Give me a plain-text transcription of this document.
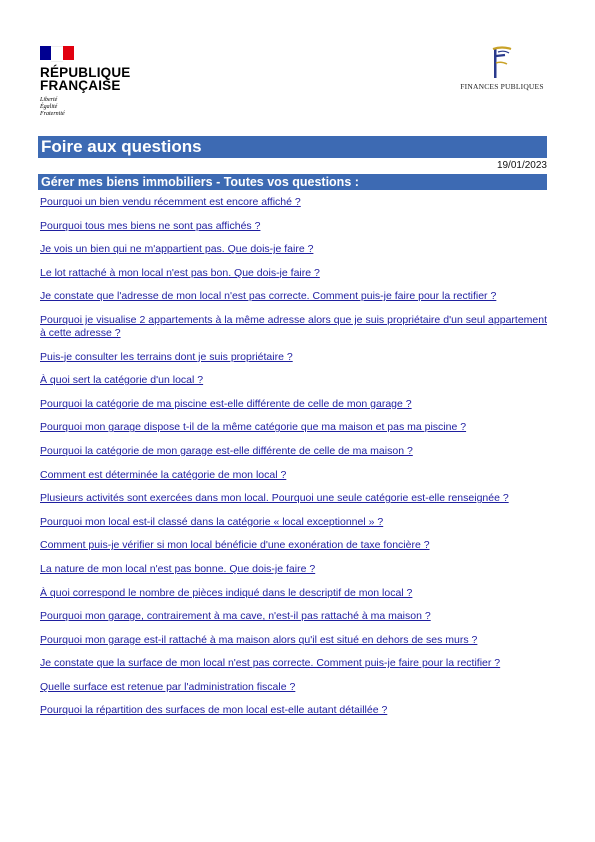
RÉPUBLIQUE
FRANÇAISE
Liberté
Égalité
Fraternité
FINANCES PUBLIQUES
Foire aux questions
19/01/2023
Gérer mes biens immobiliers - Toutes vos questions :
Pourquoi un bien vendu récemment est encore affiché ?
Pourquoi tous mes biens ne sont pas affichés ?
Je vois un bien qui ne m'appartient pas. Que dois-je faire ?
Le lot rattaché à mon local n'est pas bon. Que dois-je faire ?
Je constate que l'adresse de mon local n'est pas correcte. Comment puis-je faire pour la rectifier ?
Pourquoi je visualise 2 appartements à la même adresse alors que je suis propriétaire d'un seul appartement à cette adresse ?
Puis-je consulter les terrains dont je suis propriétaire ?
À quoi sert la catégorie d'un local ?
Pourquoi la catégorie de ma piscine est-elle différente de celle de mon garage ?
Pourquoi mon garage dispose t-il de la même catégorie que ma maison et pas ma piscine ?
Pourquoi la catégorie de mon garage est-elle différente de celle de ma maison ?
Comment est déterminée la catégorie de mon local ?
Plusieurs activités sont exercées dans mon local. Pourquoi une seule catégorie est-elle renseignée ?
Pourquoi mon local est-il classé dans la catégorie « local exceptionnel » ?
Comment puis-je vérifier si mon local bénéficie d'une exonération de taxe foncière ?
La nature de mon local n'est pas bonne. Que dois-je faire ?
À quoi correspond le nombre de pièces indiqué dans le descriptif de mon local ?
Pourquoi mon garage, contrairement à ma cave, n'est-il pas rattaché à ma maison ?
Pourquoi mon garage est-il rattaché à ma maison alors qu'il est situé en dehors de ses murs ?
Je constate que la surface de mon local n'est pas correcte. Comment puis-je faire pour la rectifier ?
Quelle surface est retenue par l'administration fiscale ?
Pourquoi la répartition des surfaces de mon local est-elle autant détaillée ?
